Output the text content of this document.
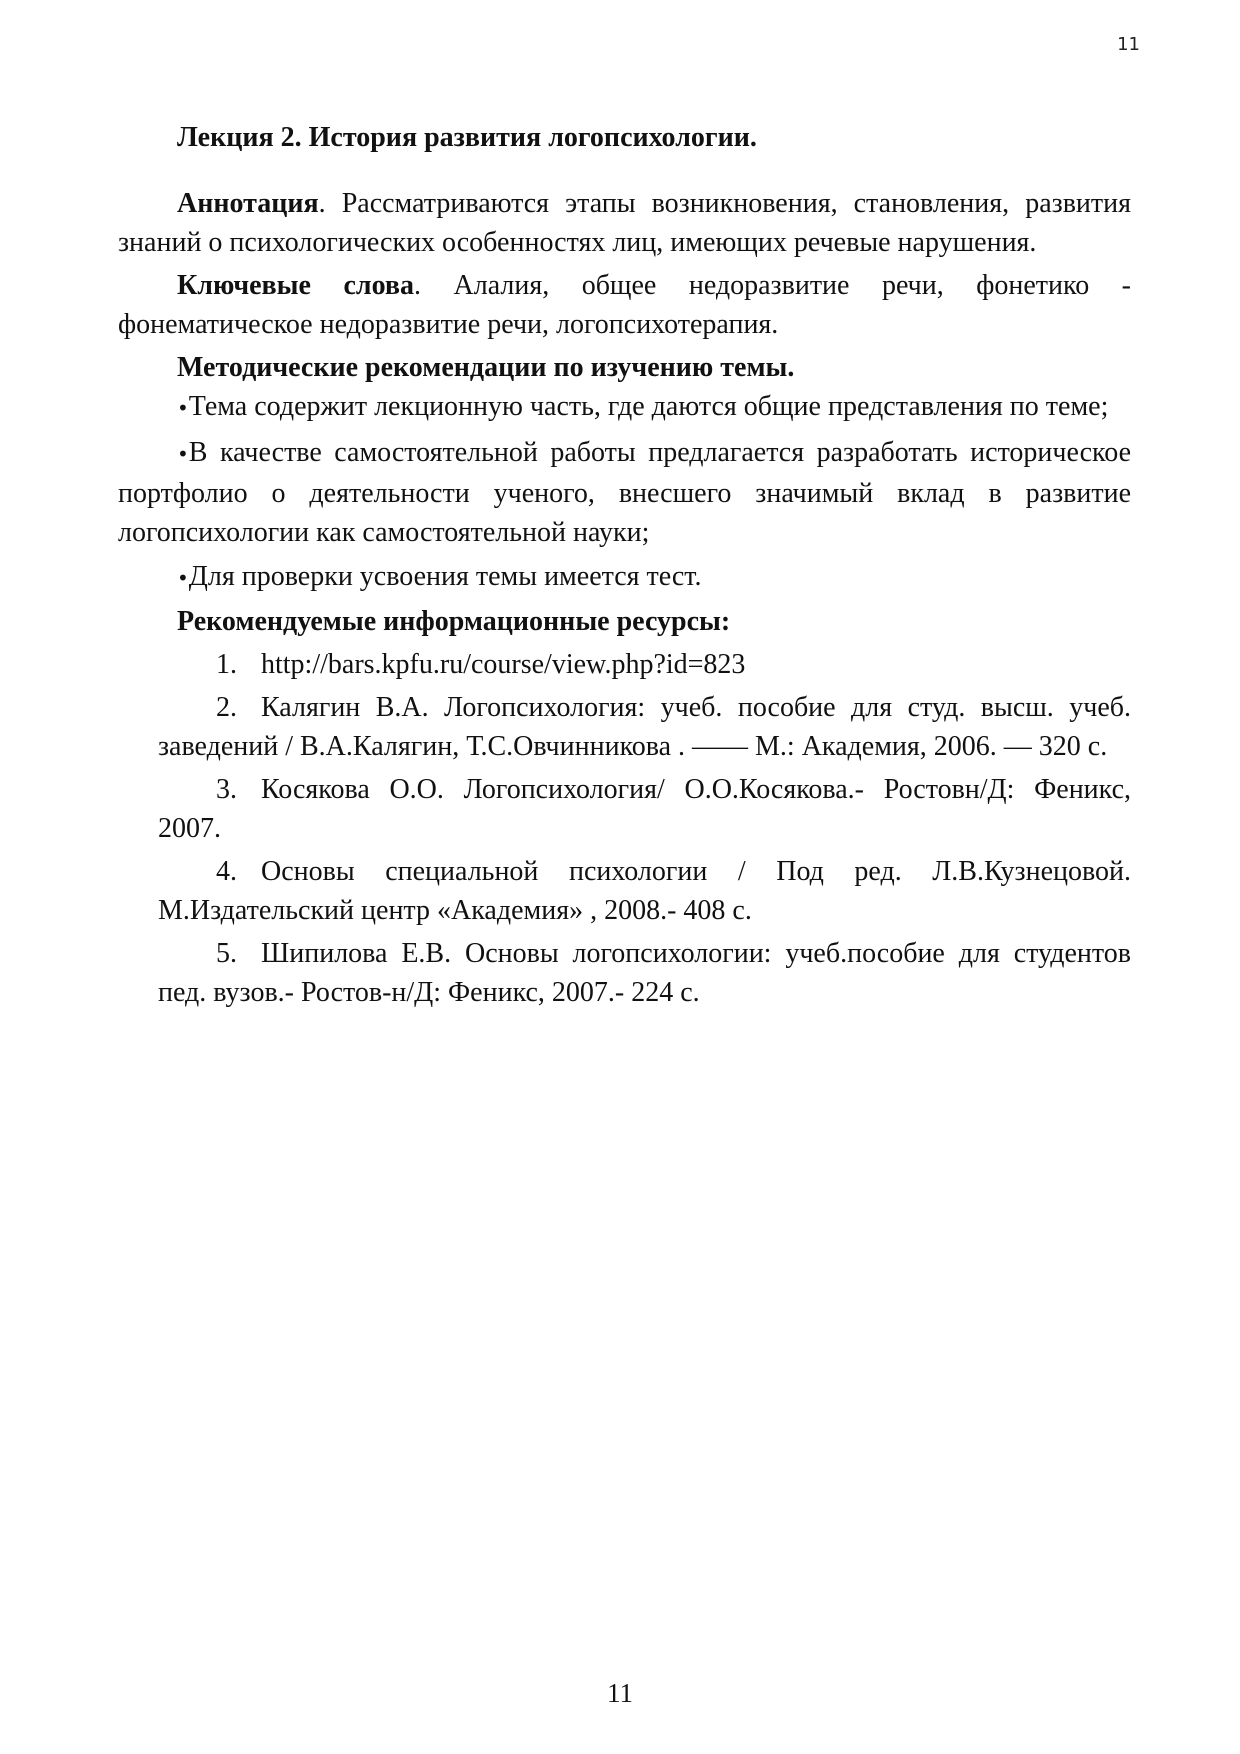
11

Лекция 2. История развития логопсихологии.

Аннотация. Рассматриваются этапы возникновения, становления, развития знаний о психологических особенностях лиц, имеющих речевые нарушения.

Ключевые слова. Алалия, общее недоразвитие речи, фонетико - фонематическое недоразвитие речи, логопсихотерапия.

Методические рекомендации по изучению темы.

•Тема содержит лекционную часть, где даются общие представления по теме;

•В качестве самостоятельной работы предлагается разработать историческое портфолио о деятельности ученого, внесшего значимый вклад в развитие логопсихологии как самостоятельной науки;

•Для проверки усвоения темы имеется тест.

Рекомендуемые информационные ресурсы:

1. http://bars.kpfu.ru/course/view.php?id=823

2. Калягин В.А. Логопсихология: учеб. пособие для студ. высш. учеб. заведений / В.А.Калягин, Т.С.Овчинникова . —— М.: Академия, 2006. — 320 с.

3. Косякова О.О. Логопсихология/ О.О.Косякова.- Ростовн/Д: Феникс, 2007.

4. Основы специальной психологии / Под ред. Л.В.Кузнецовой. М.Издательский центр «Академия» , 2008.- 408 с.

5. Шипилова Е.В. Основы логопсихологии: учеб.пособие для студентов пед. вузов.- Ростов-н/Д: Феникс, 2007.- 224 с.

11
